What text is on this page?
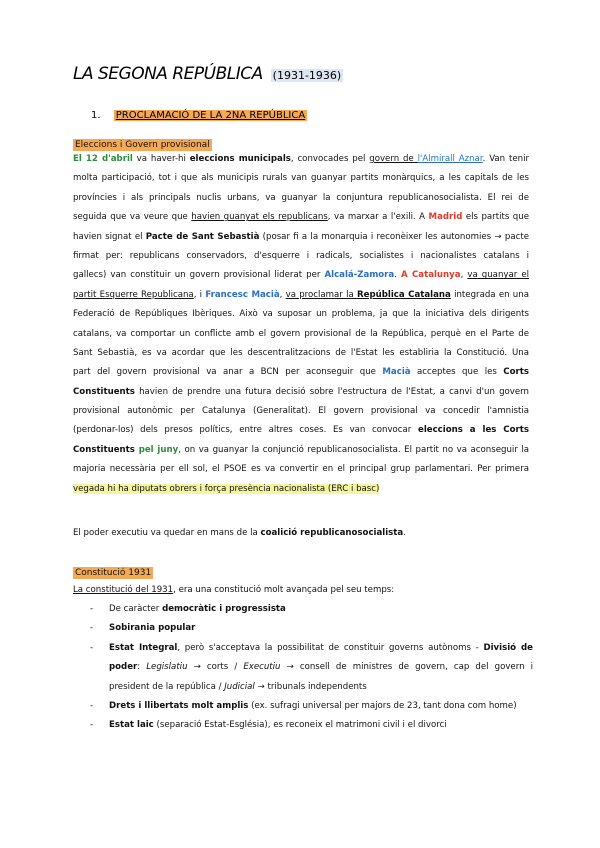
LA SEGONA REPÚBLICA (1931-1936)
1. PROCLAMACIÓ DE LA 2NA REPÚBLICA
Eleccions i Govern provisional
El 12 d'abril va haver-hi eleccions municipals, convocades pel govern de l'Almirall Aznar. Van tenir
molta participació, tot i que als municipis rurals van guanyar partits monàrquics, a les capitals de les
províncies i als principals nuclis urbans, va guanyar la conjuntura republicanosocialista. El rei de
seguida que va veure que havien guanyat els republicans, va marxar a l'exili. A Madrid els partits que
havien signat el Pacte de Sant Sebastià (posar fi a la monarquia i reconèixer les autonomies → pacte
firmat per: republicans conservadors, d'esquerre i radicals, socialistes i nacionalistes catalans i
gallecs) van constituir un govern provisional liderat per Alcalá-Zamora. A Catalunya, va guanyar el
partit Esquerre Republicana, i Francesc Macià, va proclamar la República Catalana integrada en una
Federació de Repúbliques Ibèriques. Això va suposar un problema, ja que la iniciativa dels dirigents
catalans, va comportar un conflicte amb el govern provisional de la República, perquè en el Parte de
Sant Sebastià, es va acordar que les descentralitzacions de l'Estat les establiria la Constitució. Una
part del govern provisional va anar a BCN per aconseguir que Macià acceptes que les Corts
Constituents havien de prendre una futura decisió sobre l'estructura de l'Estat, a canvi d'un govern
provisional autonòmic per Catalunya (Generalitat). El govern provisional va concedir l'amnistia
(perdonar-los) dels presos polítics, entre altres coses. Es van convocar eleccions a les Corts
Constituents pel juny, on va guanyar la conjunció republicanosocialista. El partit no va aconseguir la
majoria necessària per ell sol, el PSOE es va convertir en el principal grup parlamentari. Per primera
vegada hi ha diputats obrers i força presència nacionalista (ERC i basc)
El poder executiu va quedar en mans de la coalició republicanosocialista.
Constitució 1931
La constitució del 1931, era una constitució molt avançada pel seu temps:
- De caràcter democràtic i progressista
- Sobirania popular
- Estat Integral, però s'acceptava la possibilitat de constituir governs autònoms - Divisió de
poder: Legislatiu → corts / Executiu → consell de ministres de govern, cap del govern i
president de la república / Judicial → tribunals independents
- Drets i llibertats molt amplis (ex. sufragi universal per majors de 23, tant dona com home)
- Estat laic (separació Estat-Església), es reconeix el matrimoni civil i el divorci
